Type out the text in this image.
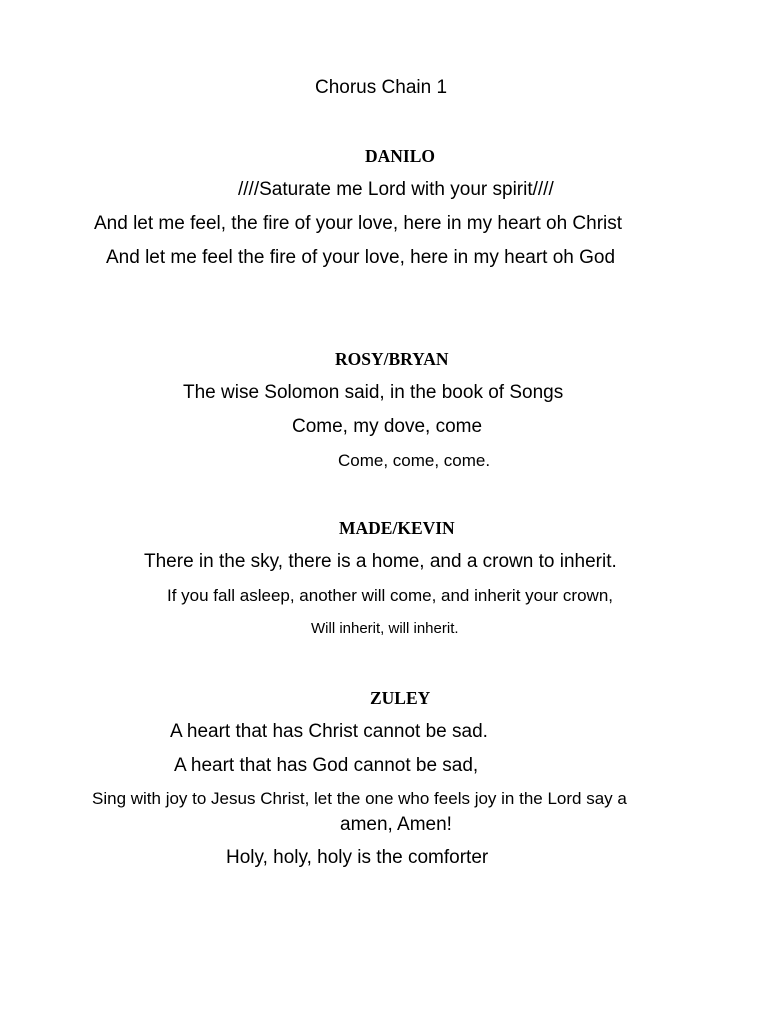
Chorus Chain 1
DANILO
////Saturate me Lord with your spirit////
And let me feel, the fire of your love, here in my heart oh Christ
And let me feel the fire of your love, here in my heart oh God
ROSY/BRYAN
The wise Solomon said, in the book of Songs
Come, my dove, come
Come, come, come.
MADE/KEVIN
There in the sky, there is a home, and a crown to inherit.
If you fall asleep, another will come, and inherit your crown,
Will inherit, will inherit.
ZULEY
A heart that has Christ cannot be sad.
A heart that has God cannot be sad,
Sing with joy to Jesus Christ, let the one who feels joy in the Lord say a
amen, Amen!
Holy, holy, holy is the comforter
